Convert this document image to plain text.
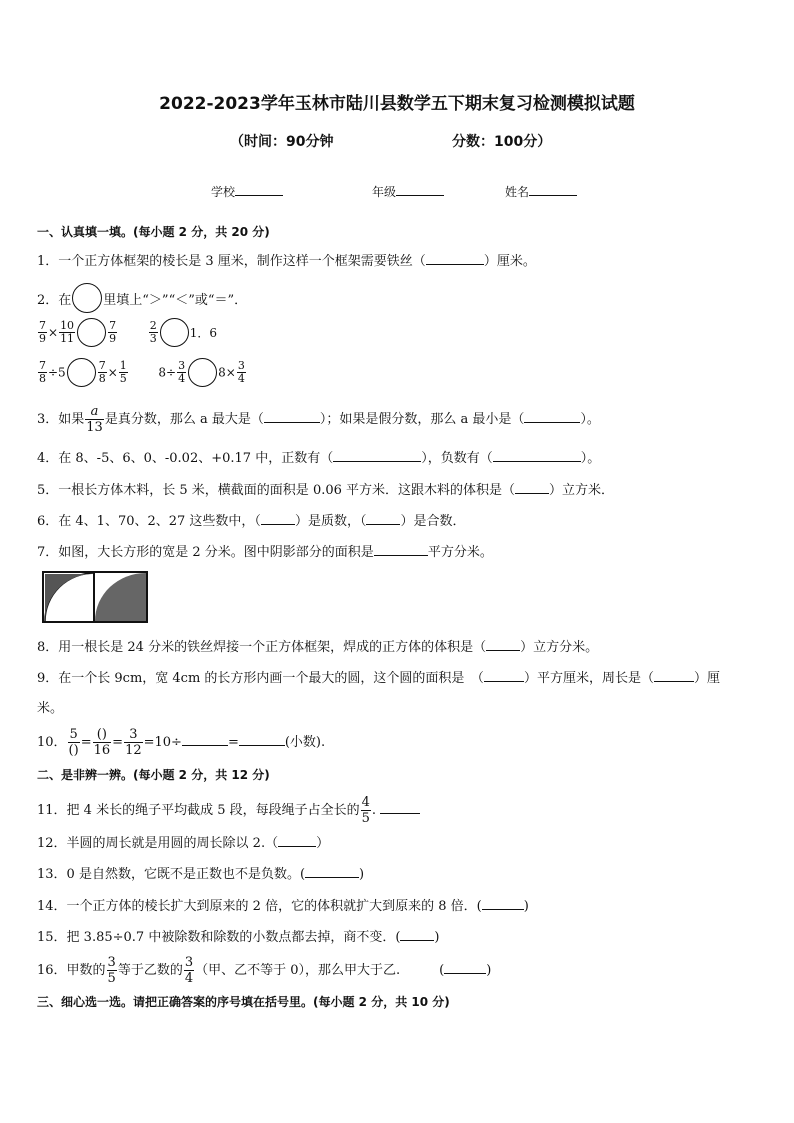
2022-2023学年玉林市陆川县数学五下期末复习检测模拟试题
（时间：90分钟	分数：100分）
学校	年级	姓名
一、认真填一填。(每小题 2 分，共 20 分)
1．一个正方体框架的棱长是 3 厘米，制作这样一个框架需要铁丝（	）厘米。
2．在 里填上“＞”“＜”或“＝”．
$\frac{7}{9} \times \frac{10}{11}$	$\frac{7}{9}$
	$\frac{2}{3}$	1．6
$\frac{7}{8} \div 5$	$\frac{7}{8} \times \frac{1}{5}$	$8\div \frac{3}{4}$	$8\times \frac{3}{4}$
3．如果 $\frac{a}{13}$ 是真分数，那么 a 最大是（	）；如果是假分数，那么 a 最小是（	）。
4．在 8、-5、6、0、-0.02、+0.17 中，正数有（	），负数有（	）。
5．一根长方体木料，长 5 米，横截面的面积是 0.06 平方米．这跟木料的体积是（	）立方米．
6．在 4、1、70、2、27 这些数中，（	）是质数，（	）是合数．
7．如图，大长方形的宽是 2 分米。图中阴影部分的面积是	平方分米。
8．用一根长是 24 分米的铁丝焊接一个正方体框架，焊成的正方体的体积是（	）立方分米。
9．在一个长 9cm，宽 4cm 的长方形内画一个最大的圆，这个圆的面积是　（	）平方厘米，周长是（	）厘
米。
10． $\frac{5}{()} = \frac{()}{16} = \frac{3}{12} =10\div$	=	(小数).
二、是非辨一辨。(每小题 2 分，共 12 分)
11．把 4 米长的绳子平均截成 5 段，每段绳子占全长的 $\frac{4}{5}$ .
12．半圆的周长就是用圆的周长除以 2.（	）
13．0 是自然数，它既不是正数也不是负数。(	)
14．一个正方体的棱长扩大到原来的 2 倍，它的体积就扩大到原来的 8 倍．(	)
15．把 3.85÷0.7 中被除数和除数的小数点都去掉，商不变．(	)
16．甲数的 $\frac{3}{5}$ 等于乙数的 $\frac{3}{4}$ （甲、乙不等于 0），那么甲大于乙.　　　(	)
三、细心选一选。请把正确答案的序号填在括号里。(每小题 2 分，共 10 分)
